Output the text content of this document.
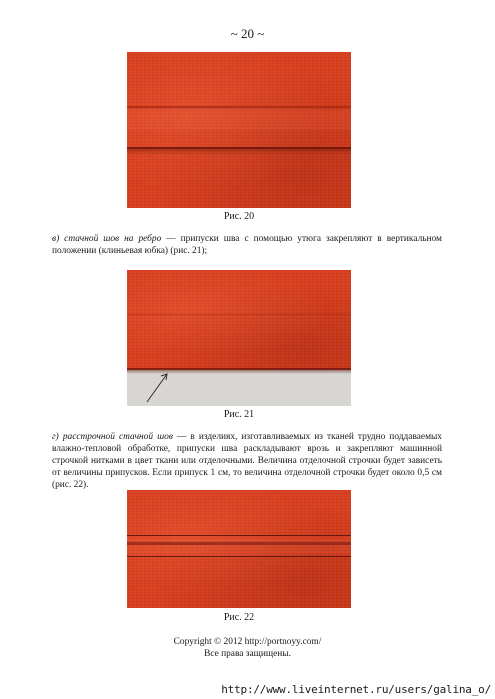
~ 20 ~
Рис. 20
в) стачной шов на ребро — припуски шва с помощью утюга закрепляют в вертикальном положении (клиньевая юбка) (рис. 21);
Рис. 21
г) расстрочной стачной шов — в изделиях, изготавливаемых из тканей трудно поддаваемых влажно-тепловой обработке, припуски шва раскладывают врозь и закрепляют машинной строчкой нитками в цвет ткани или отделочными. Величина отделочной строчки будет зависеть от величины припусков. Если припуск 1 см, то величина отделочной строчки будет около 0,5 см (рис. 22).
Рис. 22
Copyright © 2012 http://portnoyy.com/
Все права защищены.
http://www.liveinternet.ru/users/galina_o/
